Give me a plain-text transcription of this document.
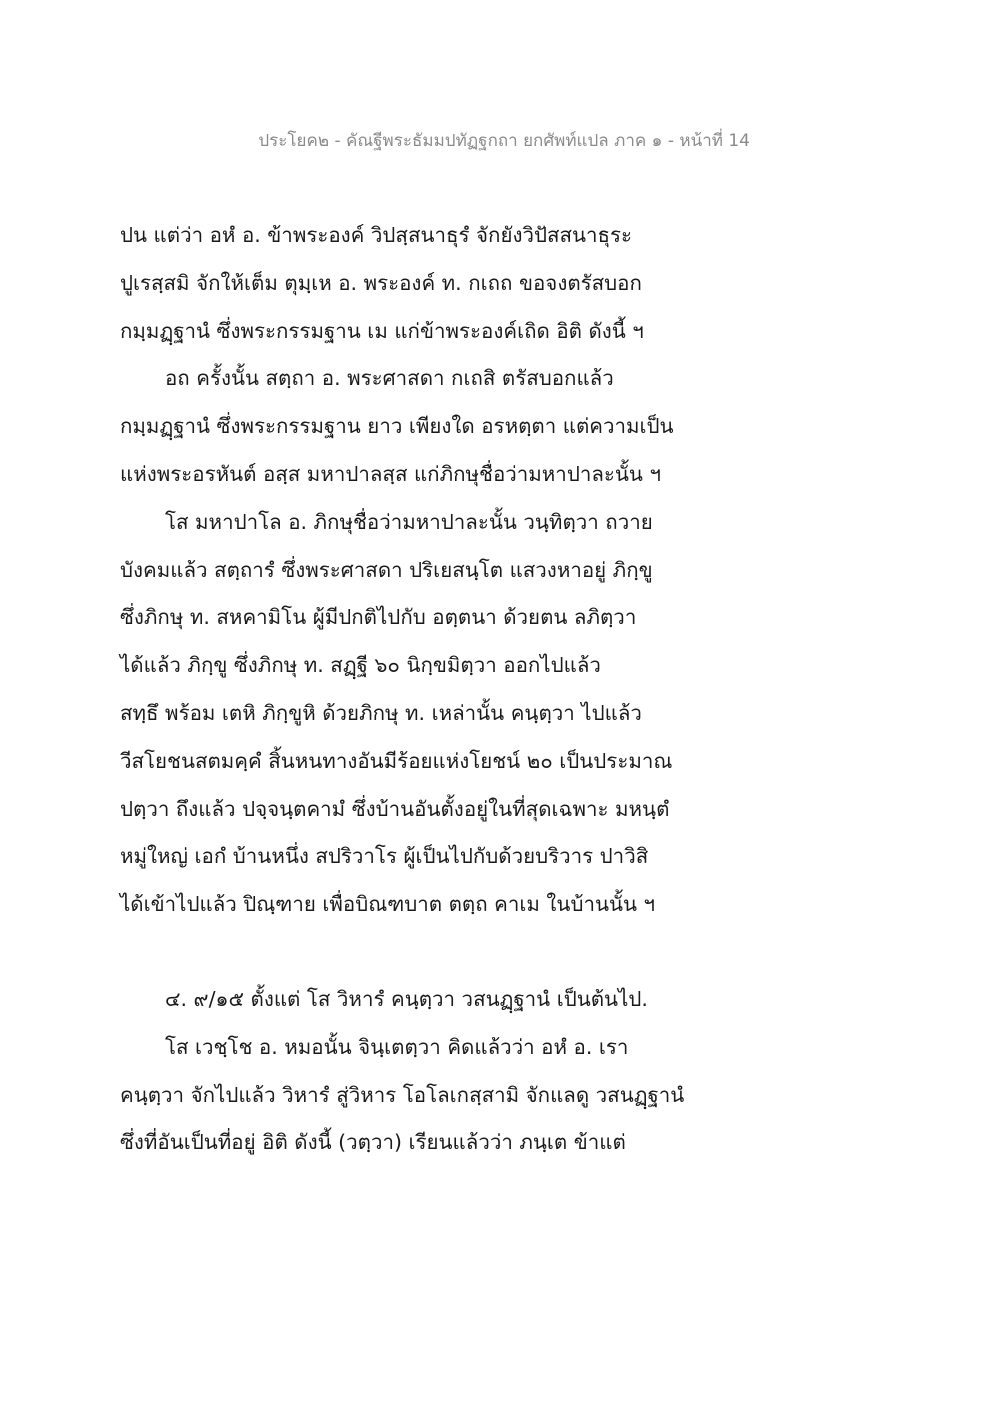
ประโยค๒ - คัณฐีพระธัมมปทัฏฐกถา ยกศัพท์แปล ภาค ๑ - หน้าที่ 14
ปน แต่ว่า อหํ อ. ข้าพระองค์ วิปสฺสนาธุรํ จักยังวิปัสสนาธุระ
ปูเรสฺสมิ จักให้เต็ม ตุมฺเห อ. พระองค์ ท. กเถถ ขอจงตรัสบอก
กมฺมฏฺฐานํ ซึ่งพระกรรมฐาน เม แก่ข้าพระองค์เถิด อิติ ดังนี้ ฯ
อถ ครั้งนั้น สตฺถา อ. พระศาสดา กเถสิ ตรัสบอกแล้ว
กมฺมฏฺฐานํ ซึ่งพระกรรมฐาน ยาว เพียงใด อรหตฺตา แต่ความเป็น
แห่งพระอรหันต์ อสฺส มหาปาลสฺส แก่ภิกษุชื่อว่ามหาปาละนั้น ฯ
โส มหาปาโล อ. ภิกษุชื่อว่ามหาปาละนั้น วนฺทิตฺวา ถวาย
บังคมแล้ว สตฺถารํ ซึ่งพระศาสดา ปริเยสนฺโต แสวงหาอยู่ ภิกฺขู
ซึ่งภิกษุ ท. สหคามิโน ผู้มีปกติไปกับ อตฺตนา ด้วยตน ลภิตฺวา
ได้แล้ว ภิกฺขู ซึ่งภิกษุ ท. สฏฺฐี ๖๐ นิกฺขมิตฺวา ออกไปแล้ว
สทฺธึ พร้อม เตหิ ภิกฺขูหิ ด้วยภิกษุ ท. เหล่านั้น คนฺตฺวา ไปแล้ว
วีสโยชนสตมคฺคํ สิ้นหนทางอันมีร้อยแห่งโยชน์ ๒๐ เป็นประมาณ
ปตฺวา ถึงแล้ว ปจฺจนฺตคามํ ซึ่งบ้านอันตั้งอยู่ในที่สุดเฉพาะ มหนฺตํ
หมู่ใหญ่ เอกํ บ้านหนึ่ง สปริวาโร ผู้เป็นไปกับด้วยบริวาร ปาวิสิ
ได้เข้าไปแล้ว ปิณฺฑาย เพื่อบิณฑบาต ตตฺถ คาเม ในบ้านนั้น ฯ
๔. ๙/๑๕ ตั้งแต่ โส วิหารํ คนฺตฺวา วสนฏฺฐานํ เป็นต้นไป.
โส เวชฺโช อ. หมอนั้น จินฺเตตฺวา คิดแล้วว่า อหํ อ. เรา
คนฺตฺวา จักไปแล้ว วิหารํ สู่วิหาร โอโลเกสฺสามิ จักแลดู วสนฏฺฐานํ
ซึ่งที่อันเป็นที่อยู่ อิติ ดังนี้ (วตฺวา) เรียนแล้วว่า ภนฺเต ข้าแต่
